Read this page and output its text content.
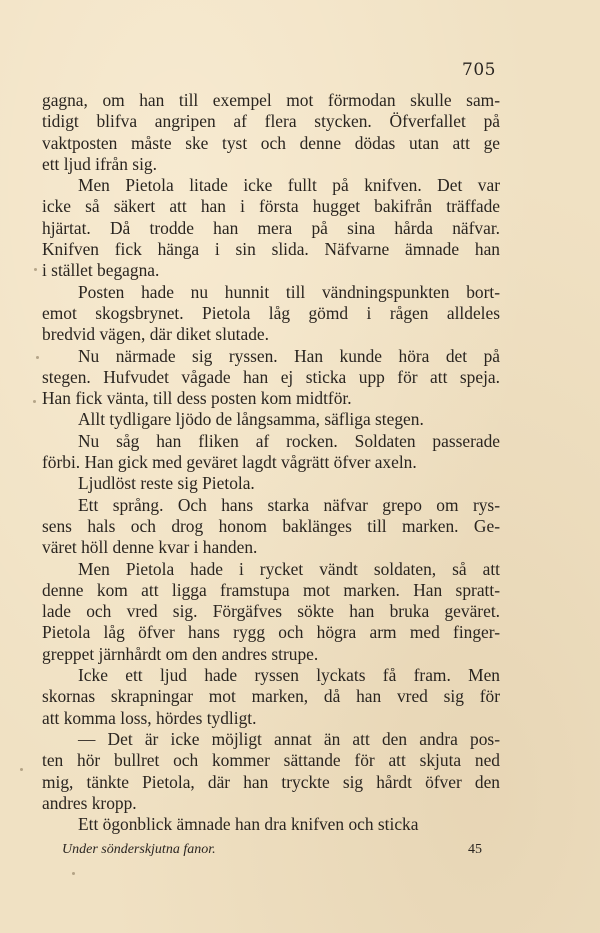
705
gagna, om han till exempel mot förmodan skulle sam-
tidigt blifva angripen af flera stycken. Öfverfallet på
vaktposten måste ske tyst och denne dödas utan att ge
ett ljud ifrån sig.
Men Pietola litade icke fullt på knifven. Det var
icke så säkert att han i första hugget bakifrån träffade
hjärtat. Då trodde han mera på sina hårda näfvar.
Knifven fick hänga i sin slida. Näfvarne ämnade han
i stället begagna.
Posten hade nu hunnit till vändningspunkten bort-
emot skogsbrynet. Pietola låg gömd i rågen alldeles
bredvid vägen, där diket slutade.
Nu närmade sig ryssen. Han kunde höra det på
stegen. Hufvudet vågade han ej sticka upp för att speja.
Han fick vänta, till dess posten kom midtför.
Allt tydligare ljödo de långsamma, säfliga stegen.
Nu såg han fliken af rocken. Soldaten passerade
förbi. Han gick med geväret lagdt vågrätt öfver axeln.
Ljudlöst reste sig Pietola.
Ett språng. Och hans starka näfvar grepo om rys-
sens hals och drog honom baklänges till marken. Ge-
väret höll denne kvar i handen.
Men Pietola hade i rycket vändt soldaten, så att
denne kom att ligga framstupa mot marken. Han spratt-
lade och vred sig. Förgäfves sökte han bruka geväret.
Pietola låg öfver hans rygg och högra arm med finger-
greppet järnhårdt om den andres strupe.
Icke ett ljud hade ryssen lyckats få fram. Men
skornas skrapningar mot marken, då han vred sig för
att komma loss, hördes tydligt.
— Det är icke möjligt annat än att den andra pos-
ten hör bullret och kommer sättande för att skjuta ned
mig, tänkte Pietola, där han tryckte sig hårdt öfver den
andres kropp.
Ett ögonblick ämnade han dra knifven och sticka
Under sönderskjutna fanor.	45
